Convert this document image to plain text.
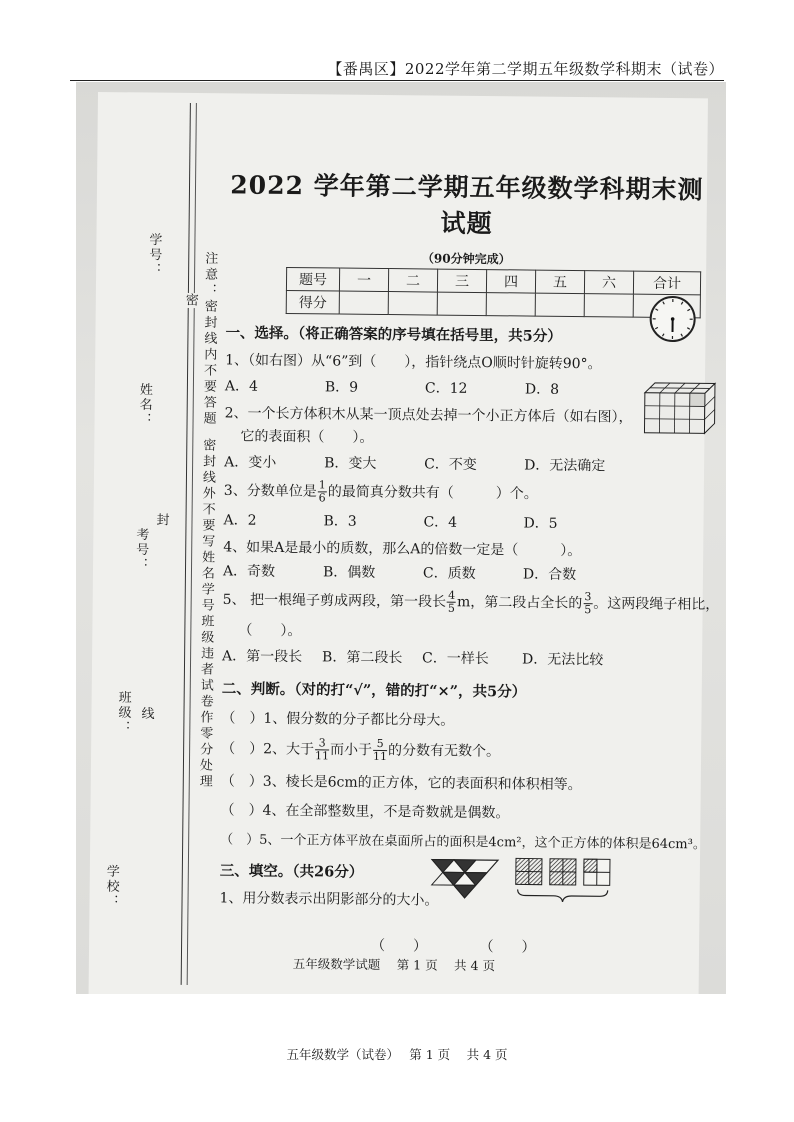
【番禺区】2022学年第二学期五年级数学科期末（试卷）
学号：
密
姓名：
封
考号：
班级： 线
学校：
注意：密封线内不要答题
密封线外不要写姓名学号班级违者试卷作零分处理
2022 学年第二学期五年级数学科期末测试题
（90分钟完成）
题号	一	二	三	四	五	六	合计
得分							
一、选择。（将正确答案的序号填在括号里，共5分）
1、（如右图）从“6”到（　　），指针绕点O顺时针旋转90°。
A．4	B．9	C．12	D．8
2、一个长方体积木从某一顶点处去掉一个小正方体后（如右图），
它的表面积（　　）。
A．变小	B．变大	C．不变	D．无法确定
3、分数单位是 $\frac{1}{6}$ 的最简真分数共有（　　　）个。
A．2	B．3	C．4	D．5
4、如果A是最小的质数，那么A的倍数一定是（　　　）。
A．奇数	B．偶数	C．质数	D．合数
5、 把一根绳子剪成两段，第一段长 $\frac{4}{5}$ m，第二段占全长的 $\frac{3}{5}$ 。这两段绳子相比，
（　　）。
A．第一段长 B．第二段长 C．一样长 D．无法比较
二、判断。（对的打“√”，错的打“×”，共5分）
（　）1、假分数的分子都比分母大。
（　）2、大于 $\frac{3}{11}$ 而小于 $\frac{5}{11}$ 的分数有无数个。
（　）3、棱长是6cm的正方体，它的表面积和体积相等。
（　）4、在全部整数里，不是奇数就是偶数。
（　）5、一个正方体平放在桌面所占的面积是4cm²，这个正方体的体积是64cm³。
三、填空。（共26分）
1、用分数表示出阴影部分的大小。
（　　）	（　　）
五年级数学试题　 第 1 页　 共 4 页
五年级数学（试卷）　 第 1 页　 共 4 页
